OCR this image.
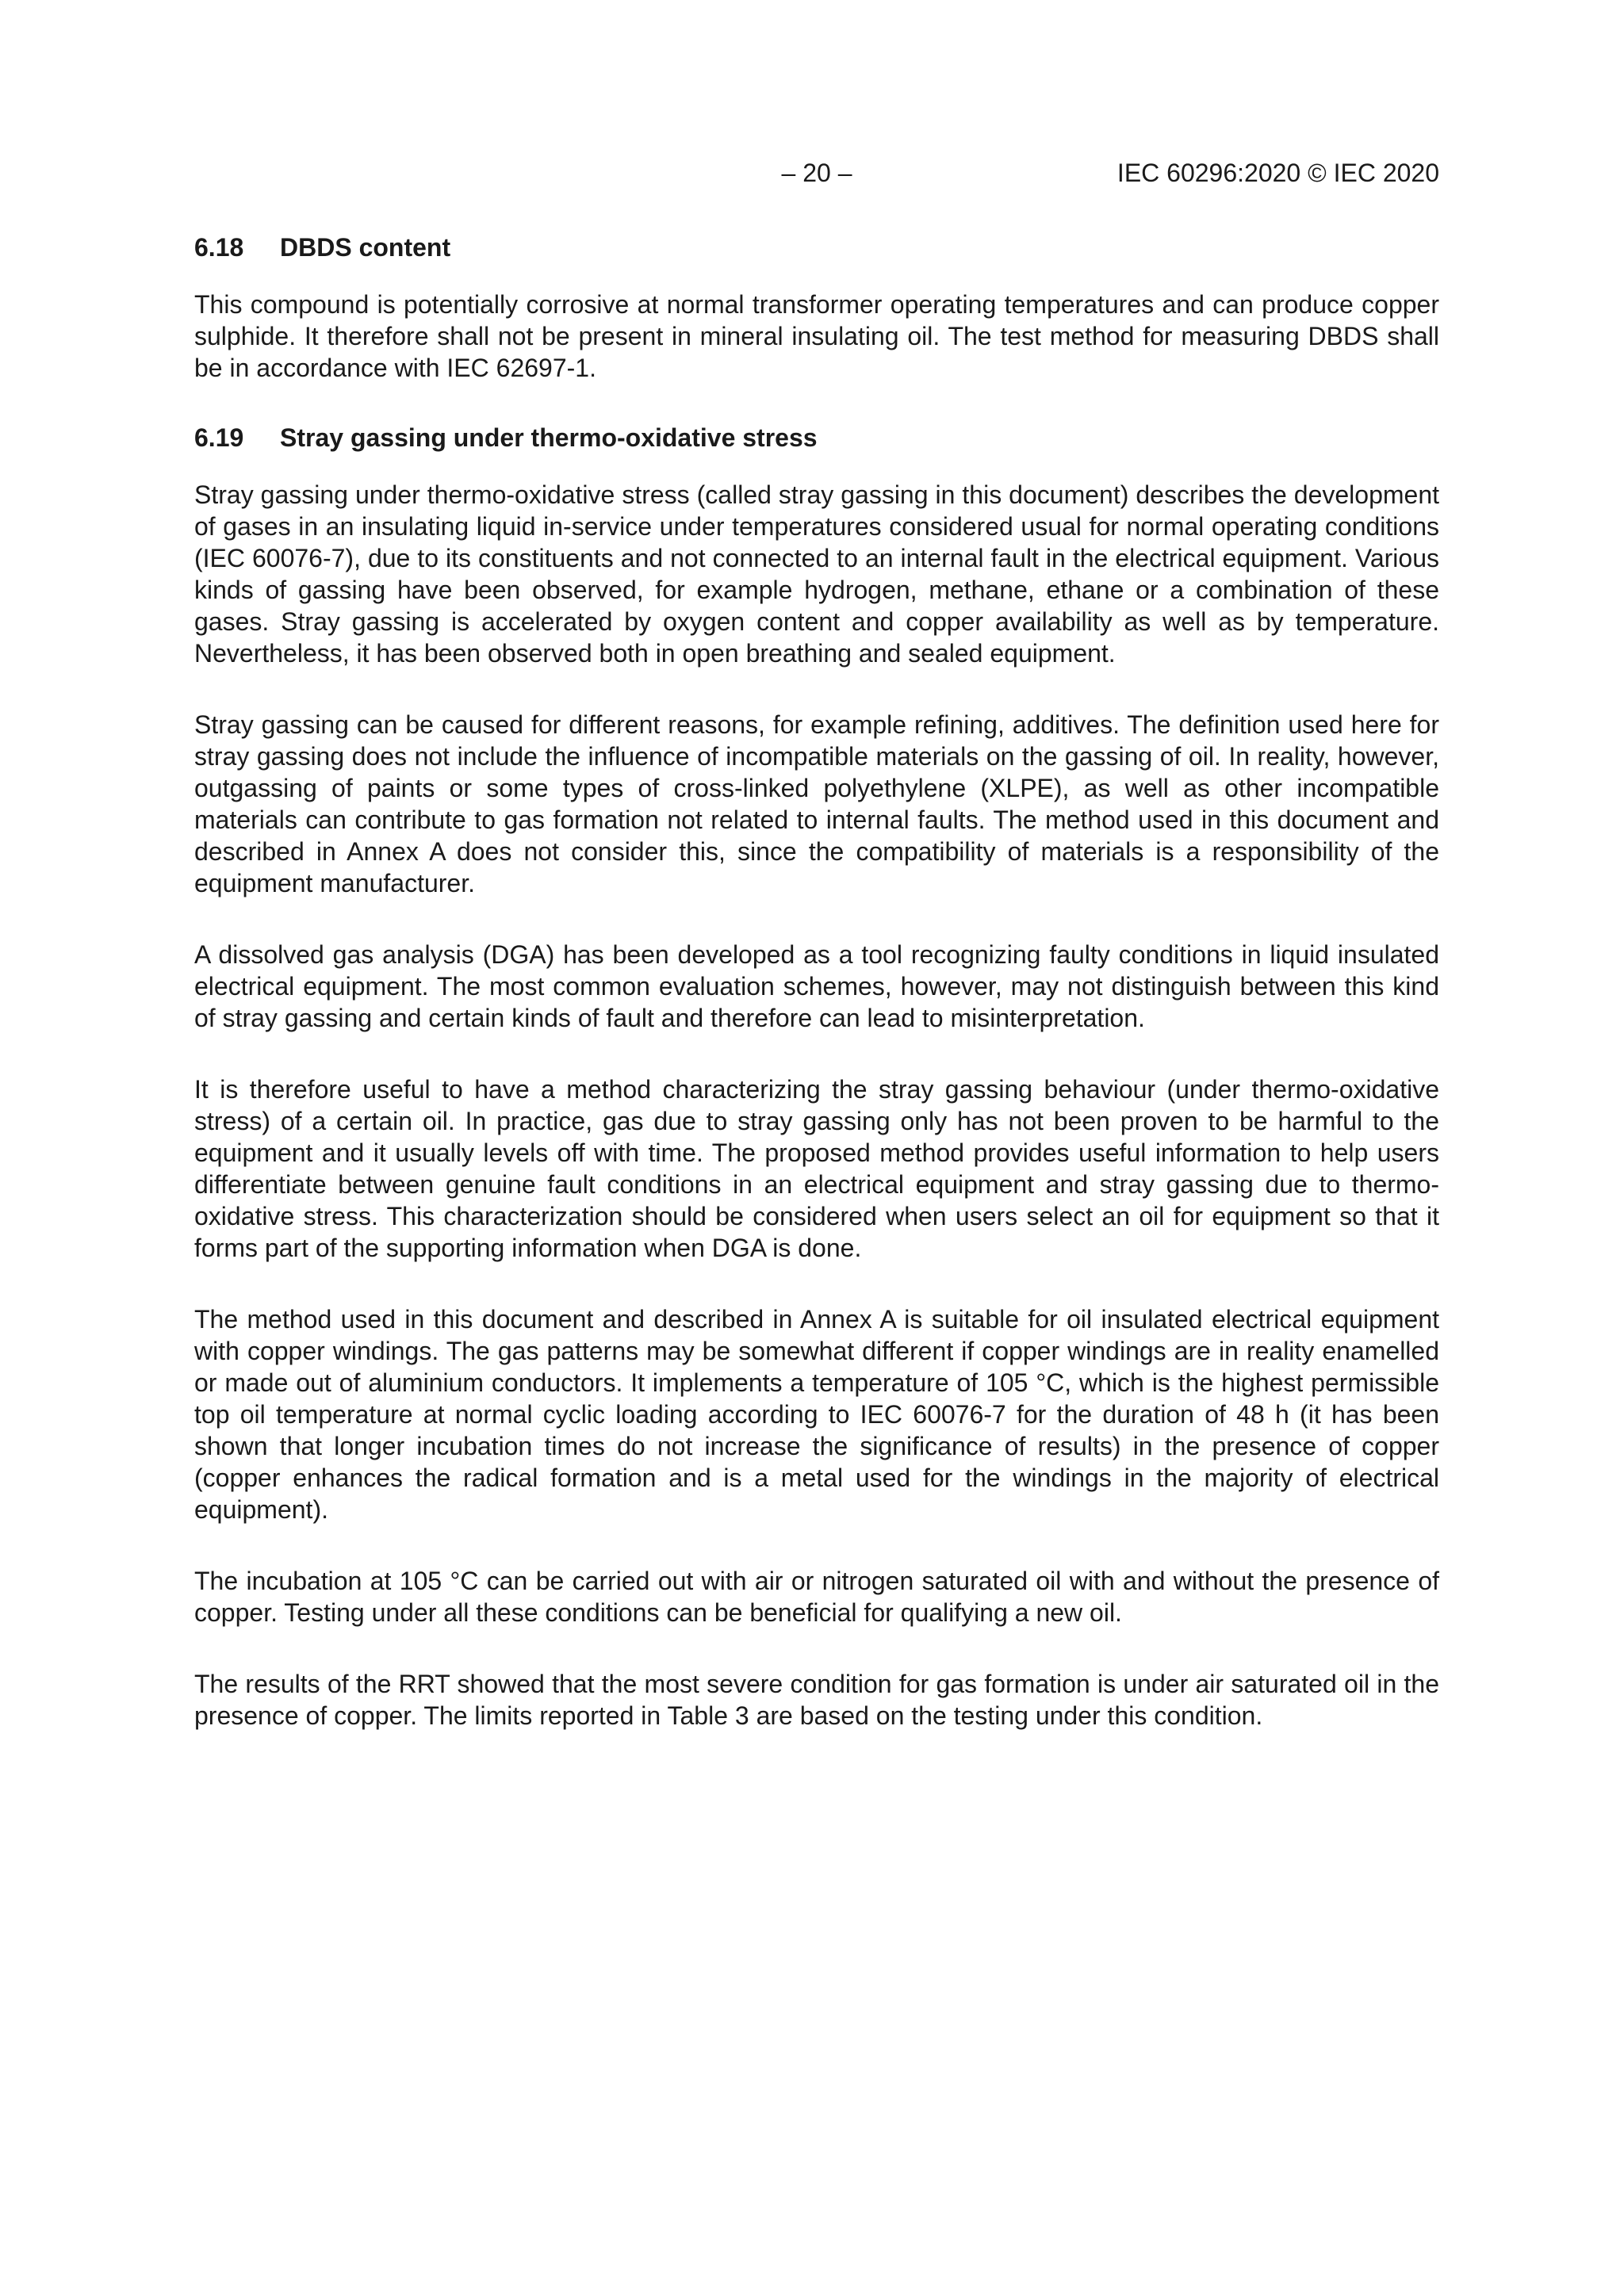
– 20 –	IEC 60296:2020 © IEC 2020
6.18 DBDS content

This compound is potentially corrosive at normal transformer operating temperatures and can produce copper sulphide. It therefore shall not be present in mineral insulating oil. The test method for measuring DBDS shall be in accordance with IEC 62697-1.

6.19 Stray gassing under thermo-oxidative stress

Stray gassing under thermo-oxidative stress (called stray gassing in this document) describes the development of gases in an insulating liquid in-service under temperatures considered usual for normal operating conditions (IEC 60076-7), due to its constituents and not connected to an internal fault in the electrical equipment. Various kinds of gassing have been observed, for example hydrogen, methane, ethane or a combination of these gases. Stray gassing is accelerated by oxygen content and copper availability as well as by temperature. Nevertheless, it has been observed both in open breathing and sealed equipment.

Stray gassing can be caused for different reasons, for example refining, additives. The definition used here for stray gassing does not include the influence of incompatible materials on the gassing of oil. In reality, however, outgassing of paints or some types of cross-linked polyethylene (XLPE), as well as other incompatible materials can contribute to gas formation not related to internal faults. The method used in this document and described in Annex A does not consider this, since the compatibility of materials is a responsibility of the equipment manufacturer.

A dissolved gas analysis (DGA) has been developed as a tool recognizing faulty conditions in liquid insulated electrical equipment. The most common evaluation schemes, however, may not distinguish between this kind of stray gassing and certain kinds of fault and therefore can lead to misinterpretation.

It is therefore useful to have a method characterizing the stray gassing behaviour (under thermo-oxidative stress) of a certain oil. In practice, gas due to stray gassing only has not been proven to be harmful to the equipment and it usually levels off with time. The proposed method provides useful information to help users differentiate between genuine fault conditions in an electrical equipment and stray gassing due to thermo-oxidative stress. This characterization should be considered when users select an oil for equipment so that it forms part of the supporting information when DGA is done.

The method used in this document and described in Annex A is suitable for oil insulated electrical equipment with copper windings. The gas patterns may be somewhat different if copper windings are in reality enamelled or made out of aluminium conductors. It implements a temperature of 105 °C, which is the highest permissible top oil temperature at normal cyclic loading according to IEC 60076-7 for the duration of 48 h (it has been shown that longer incubation times do not increase the significance of results) in the presence of copper (copper enhances the radical formation and is a metal used for the windings in the majority of electrical equipment).

The incubation at 105 °C can be carried out with air or nitrogen saturated oil with and without the presence of copper. Testing under all these conditions can be beneficial for qualifying a new oil.

The results of the RRT showed that the most severe condition for gas formation is under air saturated oil in the presence of copper. The limits reported in Table 3 are based on the testing under this condition.
